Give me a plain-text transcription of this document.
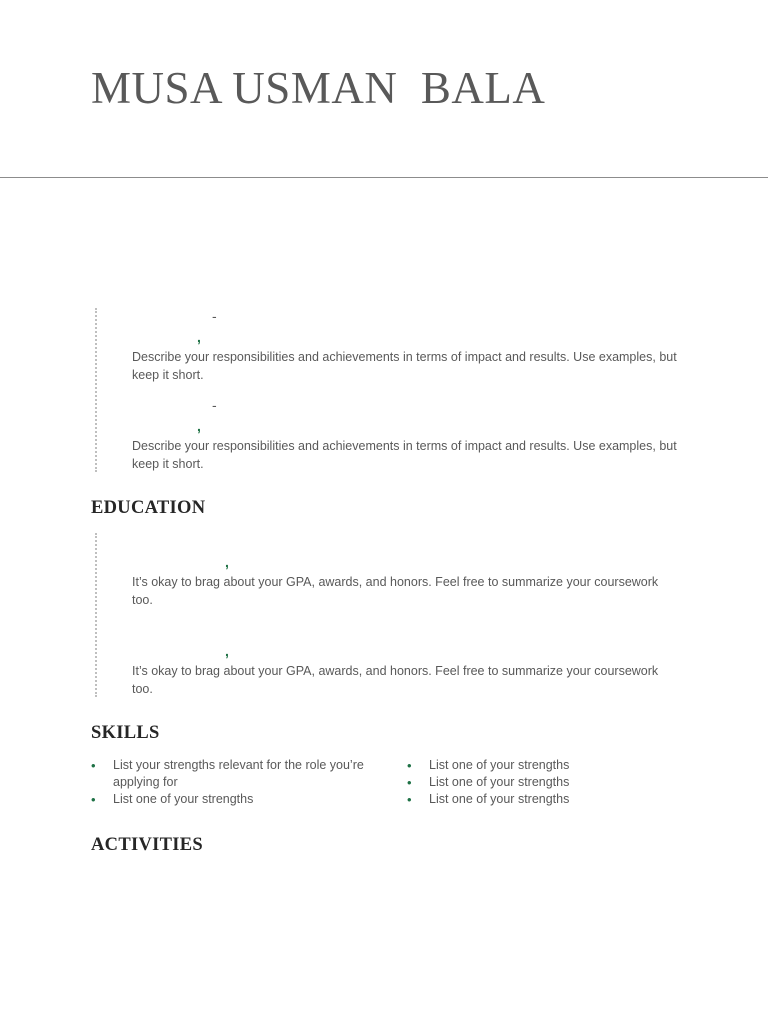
MUSA USMAN  BALA
-
,

Describe your responsibilities and achievements in terms of impact and results. Use examples, but keep it short.

-
,

Describe your responsibilities and achievements in terms of impact and results. Use examples, but keep it short.

EDUCATION
,

It’s okay to brag about your GPA, awards, and honors. Feel free to summarize your coursework too.

,

It’s okay to brag about your GPA, awards, and honors. Feel free to summarize your coursework too.

SKILLS
• List your strengths relevant for the role you’re applying for
• List one of your strengths
• List one of your strengths
• List one of your strengths
• List one of your strengths
ACTIVITIES
